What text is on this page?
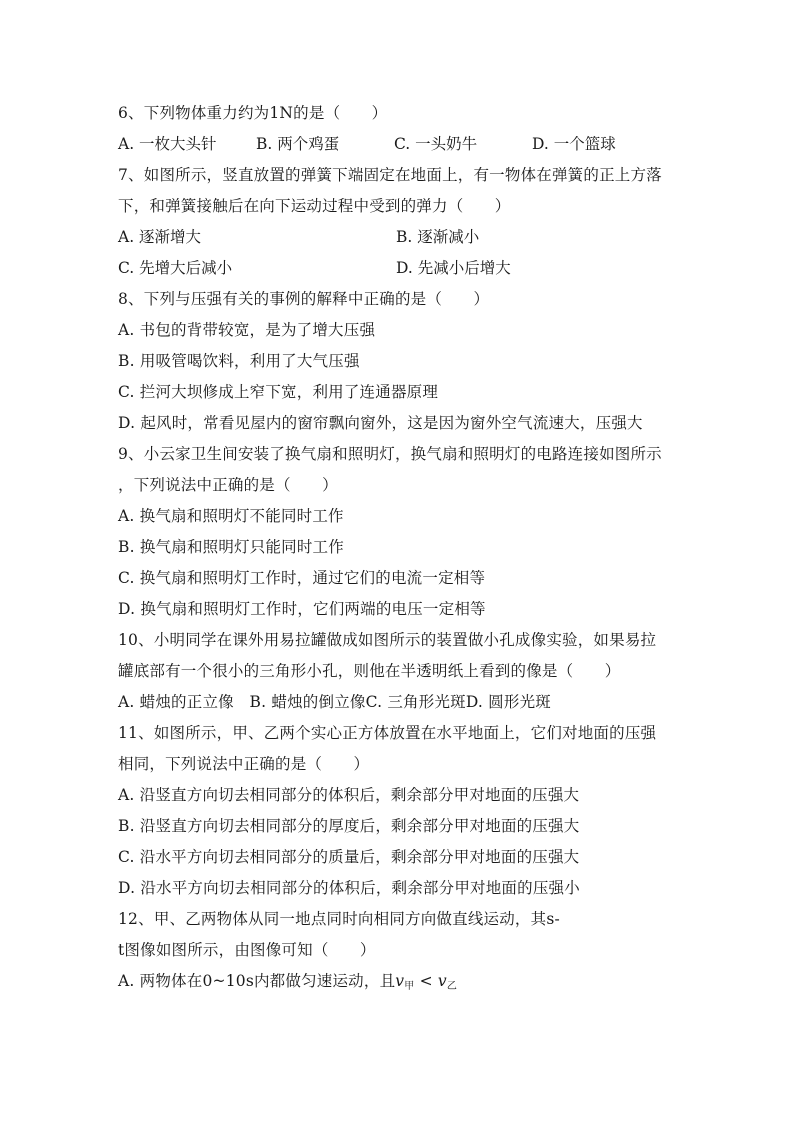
6、下列物体重力约为1N的是（　　）
A. 一枚大头针	B. 两个鸡蛋	C. 一头奶牛	D. 一个篮球
7、如图所示，竖直放置的弹簧下端固定在地面上，有一物体在弹簧的正上方落
下，和弹簧接触后在向下运动过程中受到的弹力（　　）
A. 逐渐增大	B. 逐渐减小
C. 先增大后减小	D. 先减小后增大
8、下列与压强有关的事例的解释中正确的是（　　）
A. 书包的背带较宽，是为了增大压强
B. 用吸管喝饮料，利用了大气压强
C. 拦河大坝修成上窄下宽，利用了连通器原理
D. 起风时，常看见屋内的窗帘飘向窗外，这是因为窗外空气流速大，压强大
9、小云家卫生间安装了换气扇和照明灯，换气扇和照明灯的电路连接如图所示
，下列说法中正确的是（　　）
A. 换气扇和照明灯不能同时工作
B. 换气扇和照明灯只能同时工作
C. 换气扇和照明灯工作时，通过它们的电流一定相等
D. 换气扇和照明灯工作时，它们两端的电压一定相等
10、小明同学在课外用易拉罐做成如图所示的装置做小孔成像实验，如果易拉
罐底部有一个很小的三角形小孔，则他在半透明纸上看到的像是（　　）
A. 蜡烛的正立像　B. 蜡烛的倒立像C. 三角形光斑D. 圆形光斑
11、如图所示，甲、乙两个实心正方体放置在水平地面上，它们对地面的压强
相同，下列说法中正确的是（　　）
A. 沿竖直方向切去相同部分的体积后，剩余部分甲对地面的压强大
B. 沿竖直方向切去相同部分的厚度后，剩余部分甲对地面的压强大
C. 沿水平方向切去相同部分的质量后，剩余部分甲对地面的压强大
D. 沿水平方向切去相同部分的体积后，剩余部分甲对地面的压强小
12、甲、乙两物体从同一地点同时向相同方向做直线运动，其s-
t图像如图所示，由图像可知（　　）
A. 两物体在0~10s内都做匀速运动，且$v_甲 < v_乙$
